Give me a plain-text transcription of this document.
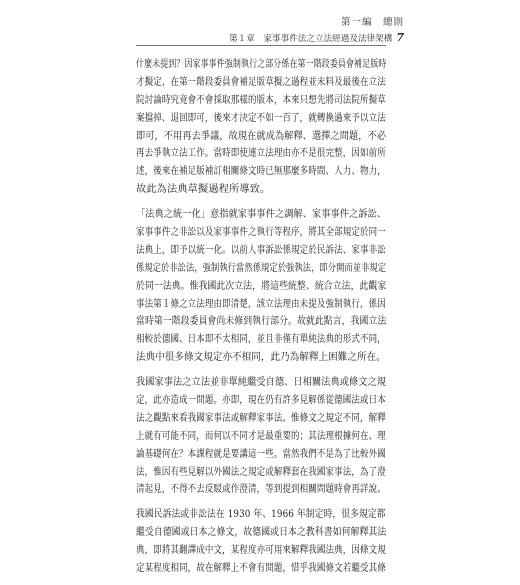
第一編　總則
第１章　家事事件法之立法經過及法律架構 7
什麼未提到？因家事事件強制執行之部分係在第一階段委員會補足版時
才擬定，在第一階段委員會補足版草擬之過程並未料及最後在立法
院討論時究竟會不會採取那樣的版本，本來只想先將司法院所擬草
案擋掉、退回即可，後來才決定不如一百了，就轉換過來予以立法
即可，不用再去爭議，故現在就成為解釋、選擇之問題，不必
再去爭執立法工作。當時即使連立法理由亦不是很完整，因如前所
述，後來在補足版補訂相關條文時已無那麼多時間、人力、物力，
故此為法典草擬過程所導致。
「法典之統一化」意指就家事事件之調解、家事事件之訴訟、
家事事件之非訟以及家事事件之執行等程序，將其全部規定於同一
法典上，即予以統一化。以前人事訴訟係規定於民訴法、家事非訟
係規定於非訟法，強制執行當然係規定於強執法，即分開而並非規定
於同一法典。惟我國此次立法，將這些統整、統合立法，此觀家
事法第１條之立法理由即清楚，該立法理由未提及強制執行，係因
當時第一階段委員會尚未修到執行部分。故就此點言，我國立法
相較於德國、日本即不太相同，並且非僅有單純法典的形式不同，
法典中很多條文規定亦不相同，此乃為解釋上困難之所在。
我國家事法之立法並非單純繼受自德、日相關法典或條文之規
定，此亦造成一問題。亦即，現在仍有許多見解係從德國法或日本
法之觀點來看我國家事法或解釋家事法。惟條文之規定不同，解釋
上就有可能不同，而何以不同才是最重要的；其法理根據何在、理
論基礎何在？本課程就是要講這一些。當然我們不是為了比較外國
法，惟因有些見解以外國法之規定或解釋套在我國家事法，為了澄
清起見，不得不去反駁或作澄清，等到提到相關問題時會再詳說。
我國民訴法或非訟法在 1930 年、1966 年制定時，很多規定都
繼受自德國或日本之條文，故德國或日本之教科書如何解釋其法
典，即將其翻譯成中文，某程度亦可用來解釋我國法典，因條文規
定某程度相同，故在解釋上不會有問題，惜乎我國條文若繼受其條
